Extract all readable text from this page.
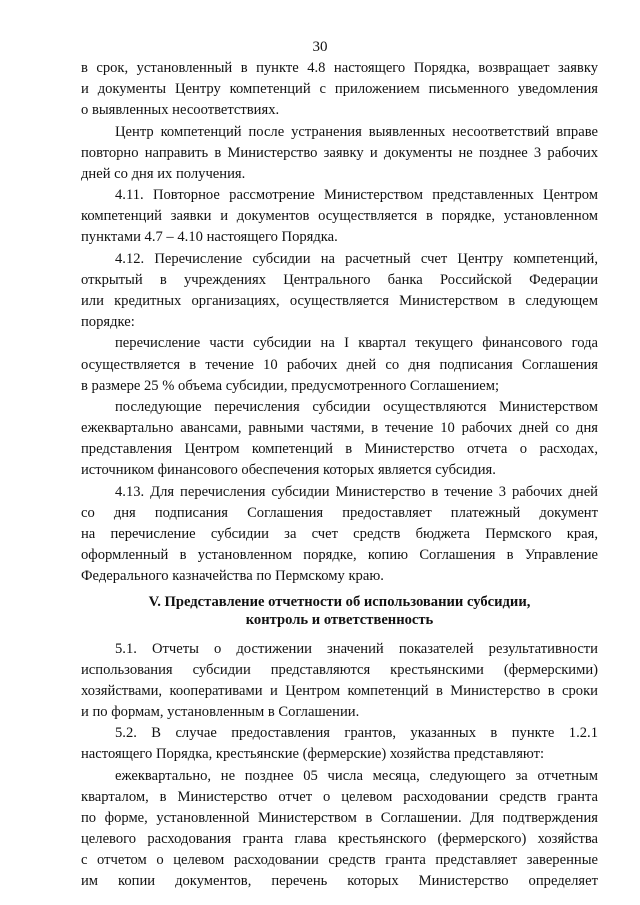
30
в срок, установленный в пункте 4.8 настоящего Порядка, возвращает заявку
и документы Центру компетенций с приложением письменного уведомления
о выявленных несоответствиях.
Центр компетенций после устранения выявленных несоответствий вправе
повторно направить в Министерство заявку и документы не позднее 3 рабочих
дней со дня их получения.
4.11. Повторное рассмотрение Министерством представленных Центром
компетенций заявки и документов осуществляется в порядке, установленном
пунктами 4.7 – 4.10 настоящего Порядка.
4.12. Перечисление субсидии на расчетный счет Центру компетенций,
открытый в учреждениях Центрального банка Российской Федерации
или кредитных организациях, осуществляется Министерством в следующем
порядке:
перечисление части субсидии на I квартал текущего финансового года
осуществляется в течение 10 рабочих дней со дня подписания Соглашения
в размере 25 % объема субсидии, предусмотренного Соглашением;
последующие перечисления субсидии осуществляются Министерством
ежеквартально авансами, равными частями, в течение 10 рабочих дней со дня
представления Центром компетенций в Министерство отчета о расходах,
источником финансового обеспечения которых является субсидия.
4.13. Для перечисления субсидии Министерство в течение 3 рабочих дней
со дня подписания Соглашения предоставляет платежный документ
на перечисление субсидии за счет средств бюджета Пермского края,
оформленный в установленном порядке, копию Соглашения в Управление
Федерального казначейства по Пермскому краю.
V. Представление отчетности об использовании субсидии,
контроль и ответственность
5.1. Отчеты о достижении значений показателей результативности
использования субсидии представляются крестьянскими (фермерскими)
хозяйствами, кооперативами и Центром компетенций в Министерство в сроки
и по формам, установленным в Соглашении.
5.2. В случае предоставления грантов, указанных в пункте 1.2.1
настоящего Порядка, крестьянские (фермерские) хозяйства представляют:
ежеквартально, не позднее 05 числа месяца, следующего за отчетным
кварталом, в Министерство отчет о целевом расходовании средств гранта
по форме, установленной Министерством в Соглашении. Для подтверждения
целевого расходования гранта глава крестьянского (фермерского) хозяйства
с отчетом о целевом расходовании средств гранта представляет заверенные
им копии документов, перечень которых Министерство определяет
